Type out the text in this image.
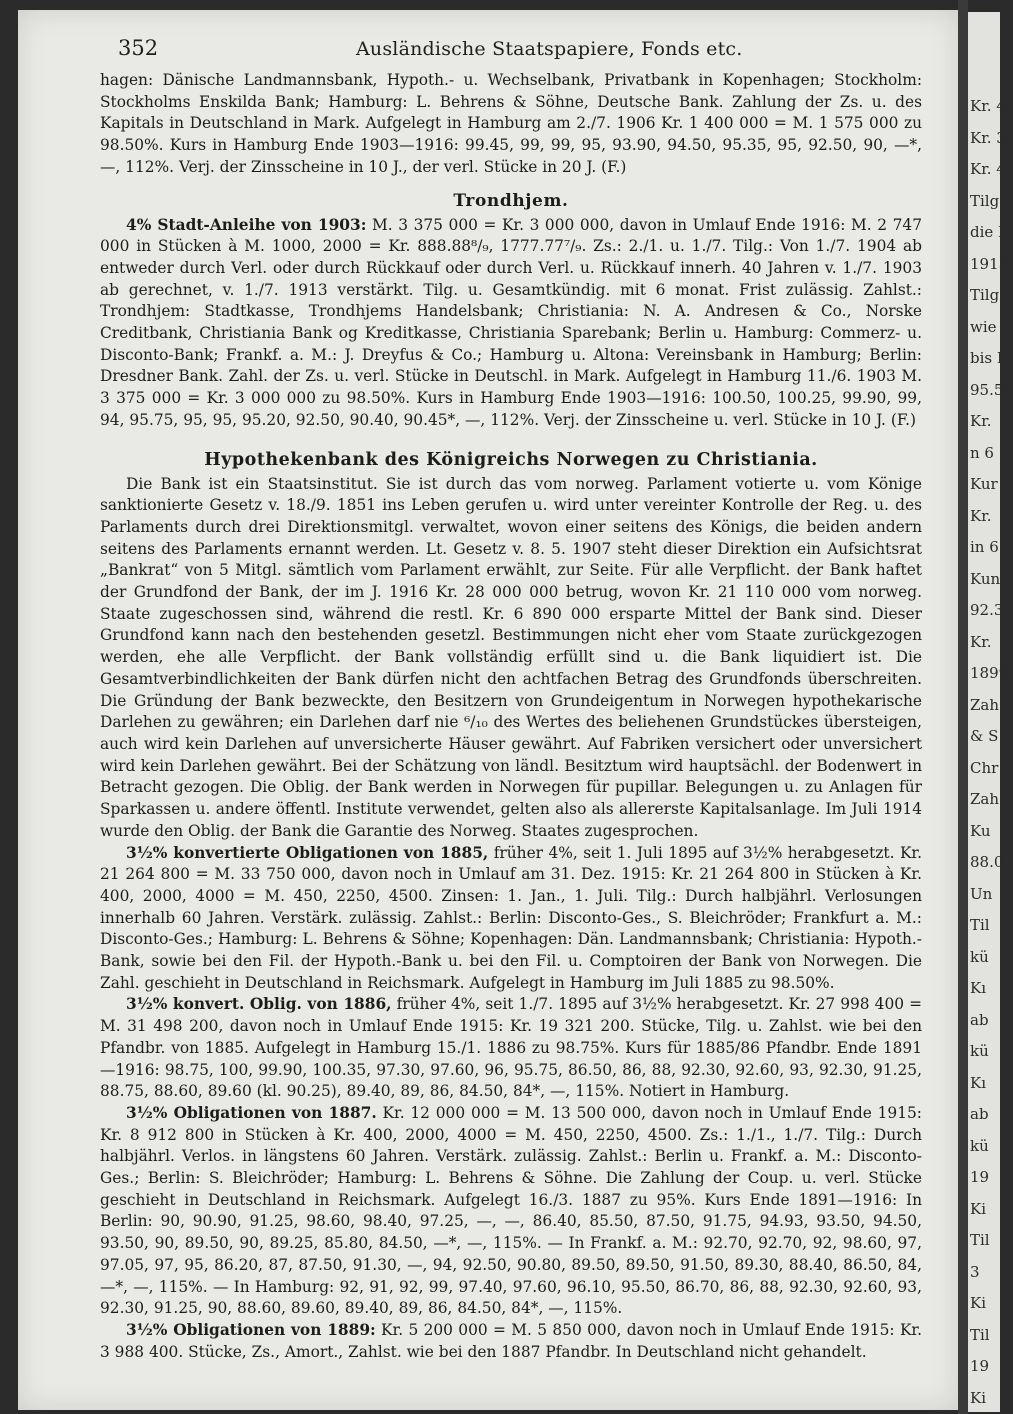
Kr. 4
Kr. 3
Kr. 4
Tilg.
die I
1915
Tilg.
wie
bis I
95.50
Kr.
n 6
Kur
Kr.
in 6
Kun
92.3
Kr.
1899
Zah
& S
Chr
Zah
Ku
88.0
Un
Til
kü
Kı
ab
kü
Kı
ab
kü
19
Ki
Til
3
Ki
Til
19
Ki
352	Ausländische Staatspapiere, Fonds etc.

hagen: Dänische Landmannsbank, Hypoth.- u. Wechselbank, Privatbank in Kopenhagen; Stockholm: Stockholms Enskilda Bank; Hamburg: L. Behrens & Söhne, Deutsche Bank. Zahlung der Zs. u. des Kapitals in Deutschland in Mark. Aufgelegt in Hamburg am 2./7. 1906 Kr. 1 400 000 = M. 1 575 000 zu 98.50%. Kurs in Hamburg Ende 1903—1916: 99.45, 99, 99, 95, 93.90, 94.50, 95.35, 95, 92.50, 90, —*, —, 112%. Verj. der Zinsscheine in 10 J., der verl. Stücke in 20 J. (F.)

Trondhjem.

4% Stadt-Anleihe von 1903: M. 3 375 000 = Kr. 3 000 000, davon in Umlauf Ende 1916: M. 2 747 000 in Stücken à M. 1000, 2000 = Kr. 888.88⁸/₉, 1777.77⁷/₉. Zs.: 2./1. u. 1./7. Tilg.: Von 1./7. 1904 ab entweder durch Verl. oder durch Rückkauf oder durch Verl. u. Rückkauf innerh. 40 Jahren v. 1./7. 1903 ab gerechnet, v. 1./7. 1913 verstärkt. Tilg. u. Gesamtkündig. mit 6 monat. Frist zulässig. Zahlst.: Trondhjem: Stadtkasse, Trondhjems Handelsbank; Christiania: N. A. Andresen & Co., Norske Creditbank, Christiania Bank og Kreditkasse, Christiania Sparebank; Berlin u. Hamburg: Commerz- u. Disconto-Bank; Frankf. a. M.: J. Dreyfus & Co.; Hamburg u. Altona: Vereinsbank in Hamburg; Berlin: Dresdner Bank. Zahl. der Zs. u. verl. Stücke in Deutschl. in Mark. Aufgelegt in Hamburg 11./6. 1903 M. 3 375 000 = Kr. 3 000 000 zu 98.50%. Kurs in Hamburg Ende 1903—1916: 100.50, 100.25, 99.90, 99, 94, 95.75, 95, 95, 95.20, 92.50, 90.40, 90.45*, —, 112%. Verj. der Zinsscheine u. verl. Stücke in 10 J. (F.)

Hypothekenbank des Königreichs Norwegen zu Christiania.

Die Bank ist ein Staatsinstitut. Sie ist durch das vom norweg. Parlament votierte u. vom Könige sanktionierte Gesetz v. 18./9. 1851 ins Leben gerufen u. wird unter vereinter Kontrolle der Reg. u. des Parlaments durch drei Direktionsmitgl. verwaltet, wovon einer seitens des Königs, die beiden andern seitens des Parlaments ernannt werden. Lt. Gesetz v. 8. 5. 1907 steht dieser Direktion ein Aufsichtsrat „Bankrat“ von 5 Mitgl. sämtlich vom Parlament erwählt, zur Seite. Für alle Verpflicht. der Bank haftet der Grundfond der Bank, der im J. 1916 Kr. 28 000 000 betrug, wovon Kr. 21 110 000 vom norweg. Staate zugeschossen sind, während die restl. Kr. 6 890 000 ersparte Mittel der Bank sind. Dieser Grundfond kann nach den bestehenden gesetzl. Bestimmungen nicht eher vom Staate zurückgezogen werden, ehe alle Verpflicht. der Bank vollständig erfüllt sind u. die Bank liquidiert ist. Die Gesamtverbindlichkeiten der Bank dürfen nicht den achtfachen Betrag des Grundfonds überschreiten. Die Gründung der Bank bezweckte, den Besitzern von Grundeigentum in Norwegen hypothekarische Darlehen zu gewähren; ein Darlehen darf nie ⁶/₁₀ des Wertes des beliehenen Grundstückes übersteigen, auch wird kein Darlehen auf unversicherte Häuser gewährt. Auf Fabriken versichert oder unversichert wird kein Darlehen gewährt. Bei der Schätzung von ländl. Besitztum wird hauptsächl. der Bodenwert in Betracht gezogen. Die Oblig. der Bank werden in Norwegen für pupillar. Belegungen u. zu Anlagen für Sparkassen u. andere öffentl. Institute verwendet, gelten also als allererste Kapitalsanlage. Im Juli 1914 wurde den Oblig. der Bank die Garantie des Norweg. Staates zugesprochen.

3½% konvertierte Obligationen von 1885, früher 4%, seit 1. Juli 1895 auf 3½% herabgesetzt. Kr. 21 264 800 = M. 33 750 000, davon noch in Umlauf am 31. Dez. 1915: Kr. 21 264 800 in Stücken à Kr. 400, 2000, 4000 = M. 450, 2250, 4500. Zinsen: 1. Jan., 1. Juli. Tilg.: Durch halbjährl. Verlosungen innerhalb 60 Jahren. Verstärk. zulässig. Zahlst.: Berlin: Disconto-Ges., S. Bleichröder; Frankfurt a. M.: Disconto-Ges.; Hamburg: L. Behrens & Söhne; Kopenhagen: Dän. Landmannsbank; Christiania: Hypoth.-Bank, sowie bei den Fil. der Hypoth.-Bank u. bei den Fil. u. Comptoiren der Bank von Norwegen. Die Zahl. geschieht in Deutschland in Reichsmark. Aufgelegt in Hamburg im Juli 1885 zu 98.50%.

3½% konvert. Oblig. von 1886, früher 4%, seit 1./7. 1895 auf 3½% herabgesetzt. Kr. 27 998 400 = M. 31 498 200, davon noch in Umlauf Ende 1915: Kr. 19 321 200. Stücke, Tilg. u. Zahlst. wie bei den Pfandbr. von 1885. Aufgelegt in Hamburg 15./1. 1886 zu 98.75%. Kurs für 1885/86 Pfandbr. Ende 1891—1916: 98.75, 100, 99.90, 100.35, 97.30, 97.60, 96, 95.75, 86.50, 86, 88, 92.30, 92.60, 93, 92.30, 91.25, 88.75, 88.60, 89.60 (kl. 90.25), 89.40, 89, 86, 84.50, 84*, —, 115%. Notiert in Hamburg.

3½% Obligationen von 1887. Kr. 12 000 000 = M. 13 500 000, davon noch in Umlauf Ende 1915: Kr. 8 912 800 in Stücken à Kr. 400, 2000, 4000 = M. 450, 2250, 4500. Zs.: 1./1., 1./7. Tilg.: Durch halbjährl. Verlos. in längstens 60 Jahren. Verstärk. zulässig. Zahlst.: Berlin u. Frankf. a. M.: Disconto-Ges.; Berlin: S. Bleichröder; Hamburg: L. Behrens & Söhne. Die Zahlung der Coup. u. verl. Stücke geschieht in Deutschland in Reichsmark. Aufgelegt 16./3. 1887 zu 95%. Kurs Ende 1891—1916: In Berlin: 90, 90.90, 91.25, 98.60, 98.40, 97.25, —, —, 86.40, 85.50, 87.50, 91.75, 94.93, 93.50, 94.50, 93.50, 90, 89.50, 90, 89.25, 85.80, 84.50, —*, —, 115%. — In Frankf. a. M.: 92.70, 92.70, 92, 98.60, 97, 97.05, 97, 95, 86.20, 87, 87.50, 91.30, —, 94, 92.50, 90.80, 89.50, 89.50, 91.50, 89.30, 88.40, 86.50, 84, —*, —, 115%. — In Hamburg: 92, 91, 92, 99, 97.40, 97.60, 96.10, 95.50, 86.70, 86, 88, 92.30, 92.60, 93, 92.30, 91.25, 90, 88.60, 89.60, 89.40, 89, 86, 84.50, 84*, —, 115%.

3½% Obligationen von 1889: Kr. 5 200 000 = M. 5 850 000, davon noch in Umlauf Ende 1915: Kr. 3 988 400. Stücke, Zs., Amort., Zahlst. wie bei den 1887 Pfandbr. In Deutschland nicht gehandelt.
